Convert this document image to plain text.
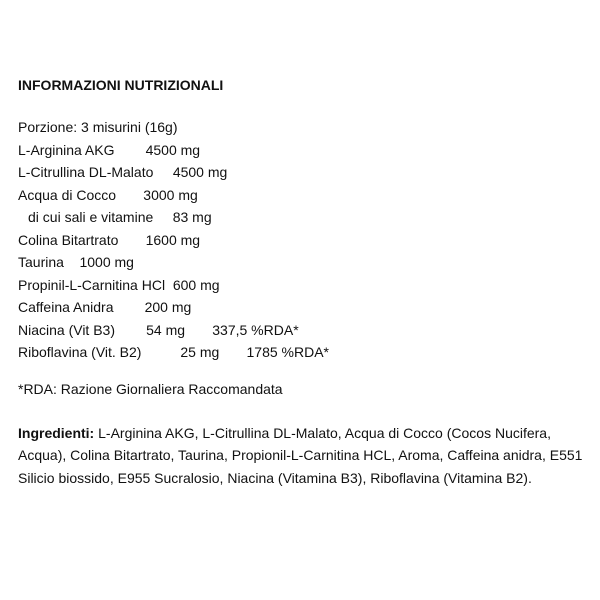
INFORMAZIONI NUTRIZIONALI
Porzione: 3 misurini (16g)
L-Arginina AKG        4500 mg
L-Citrullina DL-Malato     4500 mg
Acqua di Cocco       3000 mg
di cui sali e vitamine     83 mg
Colina Bitartrato       1600 mg
Taurina    1000 mg
Propinil-L-Carnitina HCl  600 mg
Caffeina Anidra        200 mg
Niacina (Vit B3)        54 mg       337,5 %RDA*
Riboflavina (Vit. B2)          25 mg       1785 %RDA*
*RDA: Razione Giornaliera Raccomandata
Ingredienti: L-Arginina AKG, L-Citrullina DL-Malato, Acqua di Cocco (Cocos Nucifera, Acqua), Colina Bitartrato, Taurina, Propionil-L-Carnitina HCL, Aroma, Caffeina anidra, E551 Silicio biossido, E955 Sucralosio, Niacina (Vitamina B3), Riboflavina (Vitamina B2).
